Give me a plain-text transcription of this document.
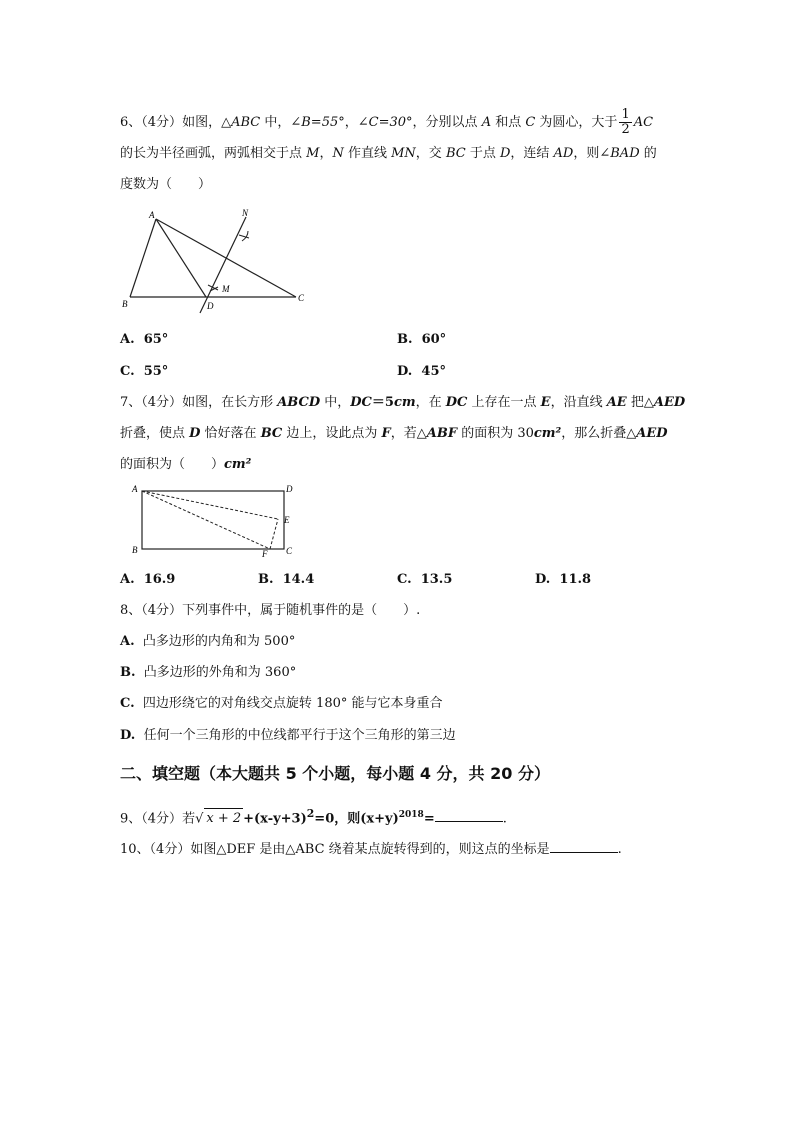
6、（4分）如图，△ABC 中，∠B=55°，∠C=30°，分别以点 A 和点 C 为圆心，大于 $\frac{1}{2}$ AC
的长为半径画弧，两弧相交于点 M，N 作直线 MN，交 BC 于点 D，连结 AD，则∠BAD 的
度数为（　　）
A
B
C
D
M
N
A. 65°	B. 60°
C. 55°	D. 45°
7、（4分）如图，在长方形 ABCD 中，DC＝5cm，在 DC 上存在一点 E，沿直线 AE 把△AED
折叠，使点 D 恰好落在 BC 边上，设此点为 F，若△ABF 的面积为 30cm²，那么折叠△AED
的面积为（　　）cm²
A	D
E
B	C
F
A. 16.9	B. 14.4	C. 13.5	D. 11.8
8、（4分）下列事件中，属于随机事件的是（　　）.
A. 凸多边形的内角和为 500°
B. 凸多边形的外角和为 360°
C. 四边形绕它的对角线交点旋转 180° 能与它本身重合
D. 任何一个三角形的中位线都平行于这个三角形的第三边
二、填空题（本大题共 5 个小题，每小题 4 分，共 20 分）
9、（4分）若√ $x + 2 +(x-y+3)^2=0$，则$(x+y)^{2018}=$	.
10、（4分）如图△DEF 是由△ABC 绕着某点旋转得到的，则这点的坐标是	.
